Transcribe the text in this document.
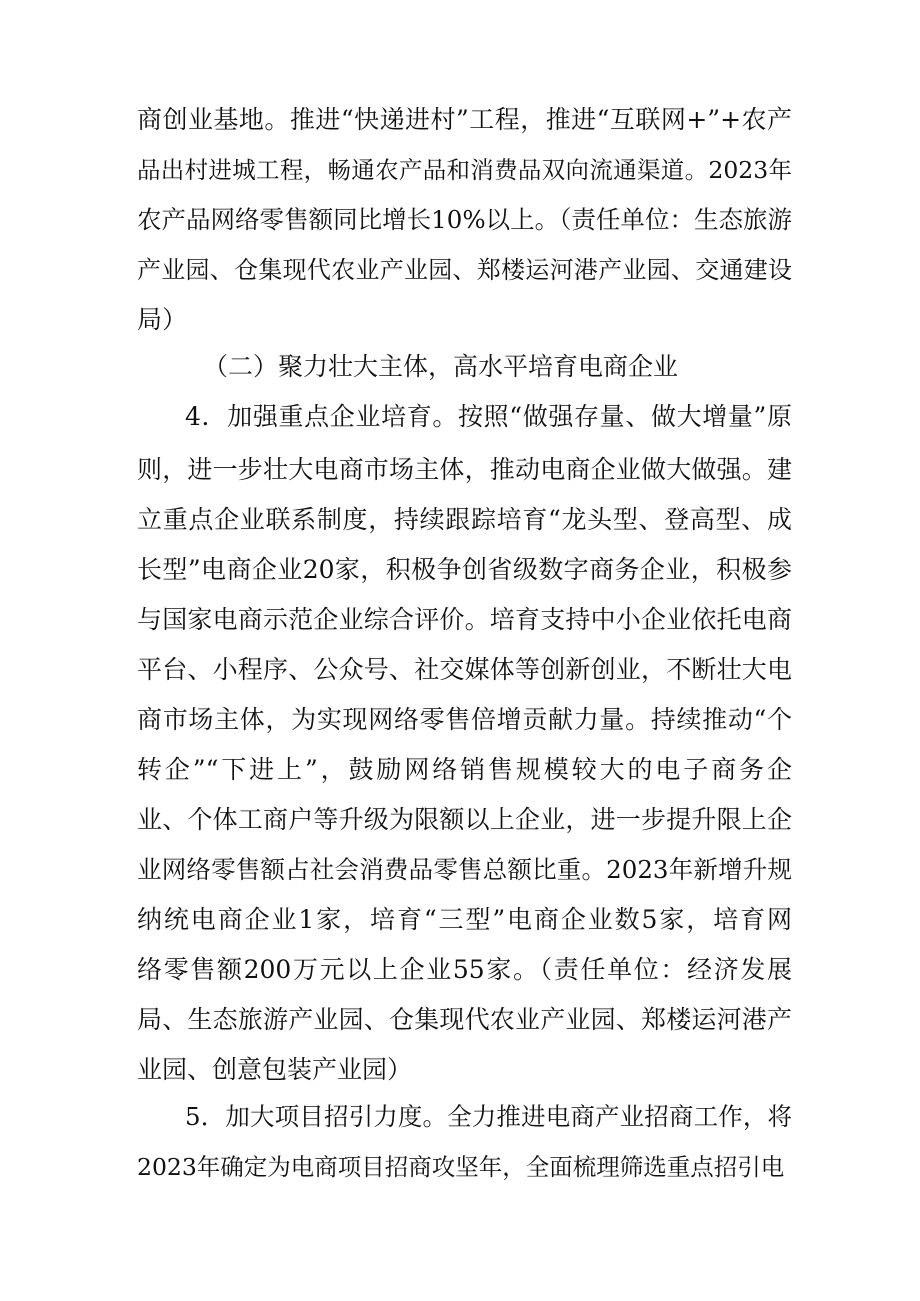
商创业基地。推进“快递进村”工程，推进“互联网+”+农产
品出村进城工程，畅通农产品和消费品双向流通渠道。2023年
农产品网络零售额同比增长10%以上。（责任单位：生态旅游
产业园、仓集现代农业产业园、郑楼运河港产业园、交通建设
局）
（二）聚力壮大主体，高水平培育电商企业
4．加强重点企业培育。按照“做强存量、做大增量”原
则，进一步壮大电商市场主体，推动电商企业做大做强。建
立重点企业联系制度，持续跟踪培育“龙头型、登高型、成
长型”电商企业20家，积极争创省级数字商务企业，积极参
与国家电商示范企业综合评价。培育支持中小企业依托电商
平台、小程序、公众号、社交媒体等创新创业，不断壮大电
商市场主体，为实现网络零售倍增贡献力量。持续推动“个
转企”“下进上”，鼓励网络销售规模较大的电子商务企
业、个体工商户等升级为限额以上企业，进一步提升限上企
业网络零售额占社会消费品零售总额比重。2023年新增升规
纳统电商企业1家，培育“三型”电商企业数5家，培育网
络零售额200万元以上企业55家。（责任单位：经济发展
局、生态旅游产业园、仓集现代农业产业园、郑楼运河港产
业园、创意包装产业园）
5．加大项目招引力度。全力推进电商产业招商工作，将
2023年确定为电商项目招商攻坚年，全面梳理筛选重点招引电
